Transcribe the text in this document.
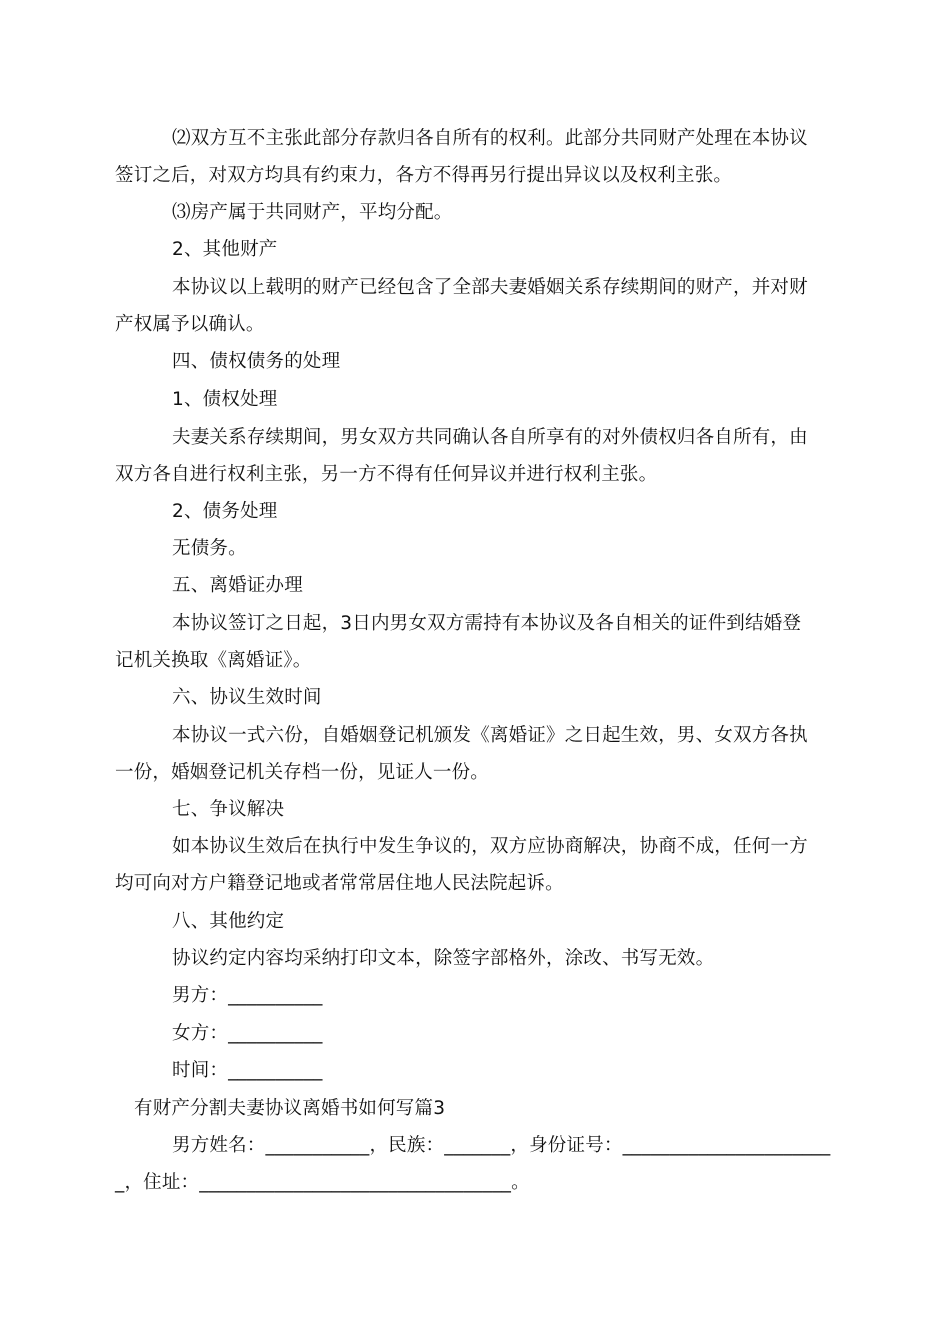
⑵双方互不主张此部分存款归各自所有的权利。此部分共同财产处理在本协议
签订之后，对双方均具有约束力，各方不得再另行提出异议以及权利主张。
⑶房产属于共同财产，平均分配。
2、其他财产
本协议以上载明的财产已经包含了全部夫妻婚姻关系存续期间的财产，并对财
产权属予以确认。
四、债权债务的处理
1、债权处理
夫妻关系存续期间，男女双方共同确认各自所享有的对外债权归各自所有，由
双方各自进行权利主张，另一方不得有任何异议并进行权利主张。
2、债务处理
无债务。
五、离婚证办理
本协议签订之日起，3日内男女双方需持有本协议及各自相关的证件到结婚登
记机关换取《离婚证》。
六、协议生效时间
本协议一式六份，自婚姻登记机颁发《离婚证》之日起生效，男、女双方各执
一份，婚姻登记机关存档一份，见证人一份。
七、争议解决
如本协议生效后在执行中发生争议的，双方应协商解决，协商不成，任何一方
均可向对方户籍登记地或者常常居住地人民法院起诉。
八、其他约定
协议约定内容均采纳打印文本，除签字部格外，涂改、书写无效。
男方：__________
女方：__________
时间：__________
有财产分割夫妻协议离婚书如何写篇3
男方姓名：___________，民族：_______，身份证号：______________________
_，住址：_________________________________。
